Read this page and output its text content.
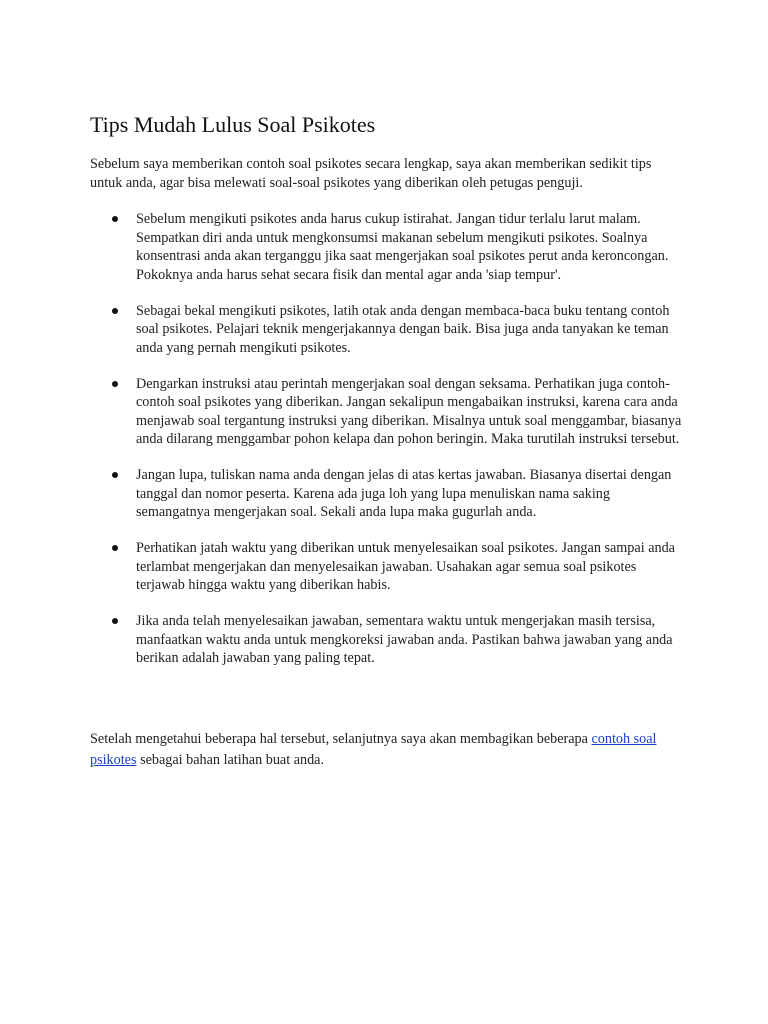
Tips Mudah Lulus Soal Psikotes

Sebelum saya memberikan contoh soal psikotes secara lengkap, saya akan memberikan sedikit tips untuk anda, agar bisa melewati soal-soal psikotes yang diberikan oleh petugas penguji.

Sebelum mengikuti psikotes anda harus cukup istirahat. Jangan tidur terlalu larut malam. Sempatkan diri anda untuk mengkonsumsi makanan sebelum mengikuti psikotes. Soalnya konsentrasi anda akan terganggu jika saat mengerjakan soal psikotes perut anda keroncongan. Pokoknya anda harus sehat secara fisik dan mental agar anda 'siap tempur'.
Sebagai bekal mengikuti psikotes, latih otak anda dengan membaca-baca buku tentang contoh soal psikotes. Pelajari teknik mengerjakannya dengan baik. Bisa juga anda tanyakan ke teman anda yang pernah mengikuti psikotes.
Dengarkan instruksi atau perintah mengerjakan soal dengan seksama. Perhatikan juga contoh-contoh soal psikotes yang diberikan. Jangan sekalipun mengabaikan instruksi, karena cara anda menjawab soal tergantung instruksi yang diberikan. Misalnya untuk soal menggambar, biasanya anda dilarang menggambar pohon kelapa dan pohon beringin. Maka turutilah instruksi tersebut.
Jangan lupa, tuliskan nama anda dengan jelas di atas kertas jawaban. Biasanya disertai dengan tanggal dan nomor peserta. Karena ada juga loh yang lupa menuliskan nama saking semangatnya mengerjakan soal. Sekali anda lupa maka gugurlah anda.
Perhatikan jatah waktu yang diberikan untuk menyelesaikan soal psikotes. Jangan sampai anda terlambat mengerjakan dan menyelesaikan jawaban. Usahakan agar semua soal psikotes terjawab hingga waktu yang diberikan habis.
Jika anda telah menyelesaikan jawaban, sementara waktu untuk mengerjakan masih tersisa, manfaatkan waktu anda untuk mengkoreksi jawaban anda. Pastikan bahwa jawaban yang anda berikan adalah jawaban yang paling tepat.

Setelah mengetahui beberapa hal tersebut, selanjutnya saya akan membagikan beberapa contoh soal psikotes sebagai bahan latihan buat anda.
